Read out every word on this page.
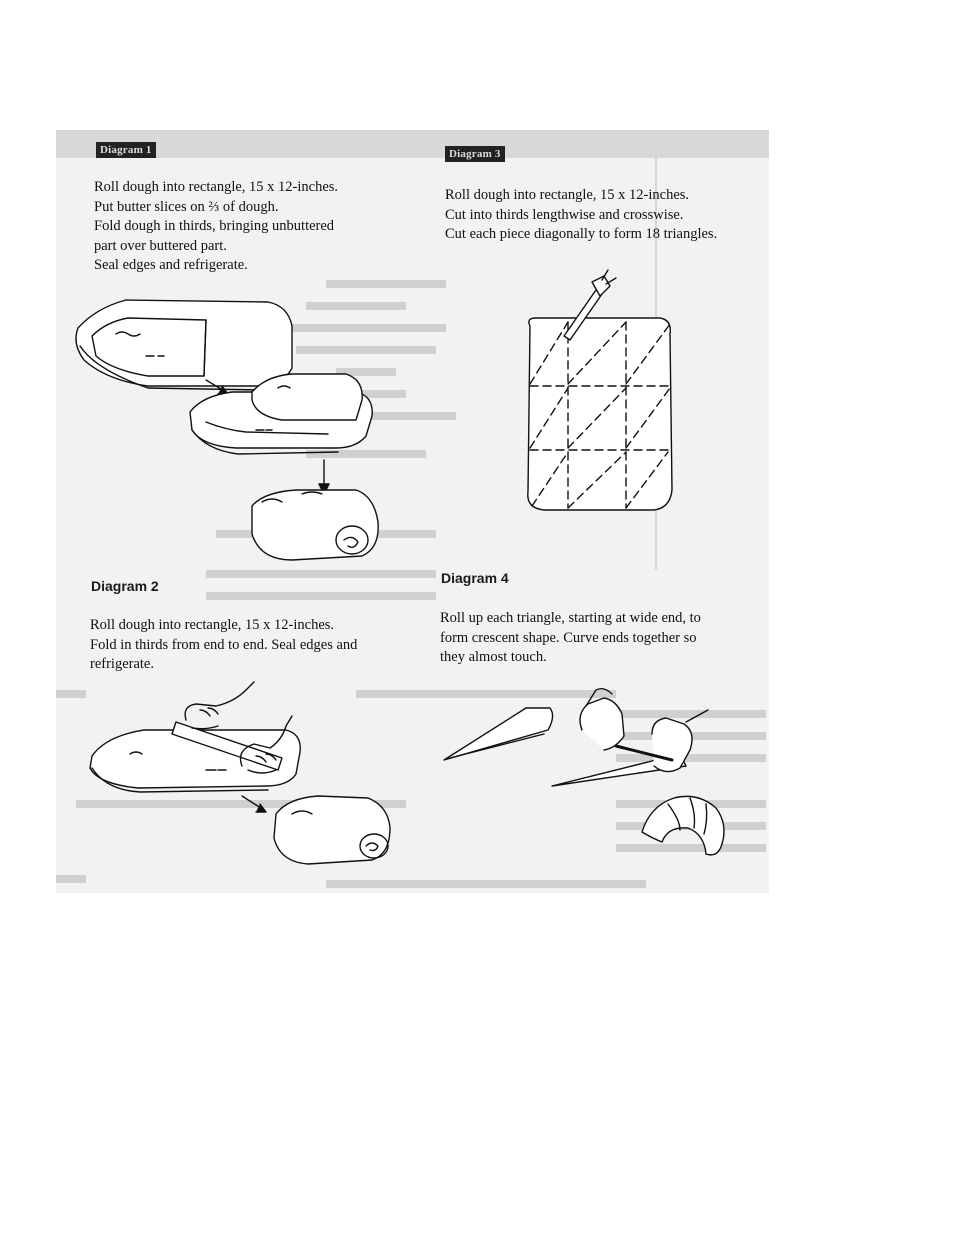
Diagram 1	Diagram 3
Roll dough into rectangle, 15 x 12-inches.
Put butter slices on ⅔ of dough.
Fold dough in thirds, bringing unbuttered
part over buttered part.
Seal edges and refrigerate.
Roll dough into rectangle, 15 x 12-inches.
Cut into thirds lengthwise and crosswise.
Cut each piece diagonally to form 18 triangles.
Diagram 2
Roll dough into rectangle, 15 x 12-inches.
Fold in thirds from end to end. Seal edges and
refrigerate.
Diagram 4
Roll up each triangle, starting at wide end, to
form crescent shape. Curve ends together so
they almost touch.
